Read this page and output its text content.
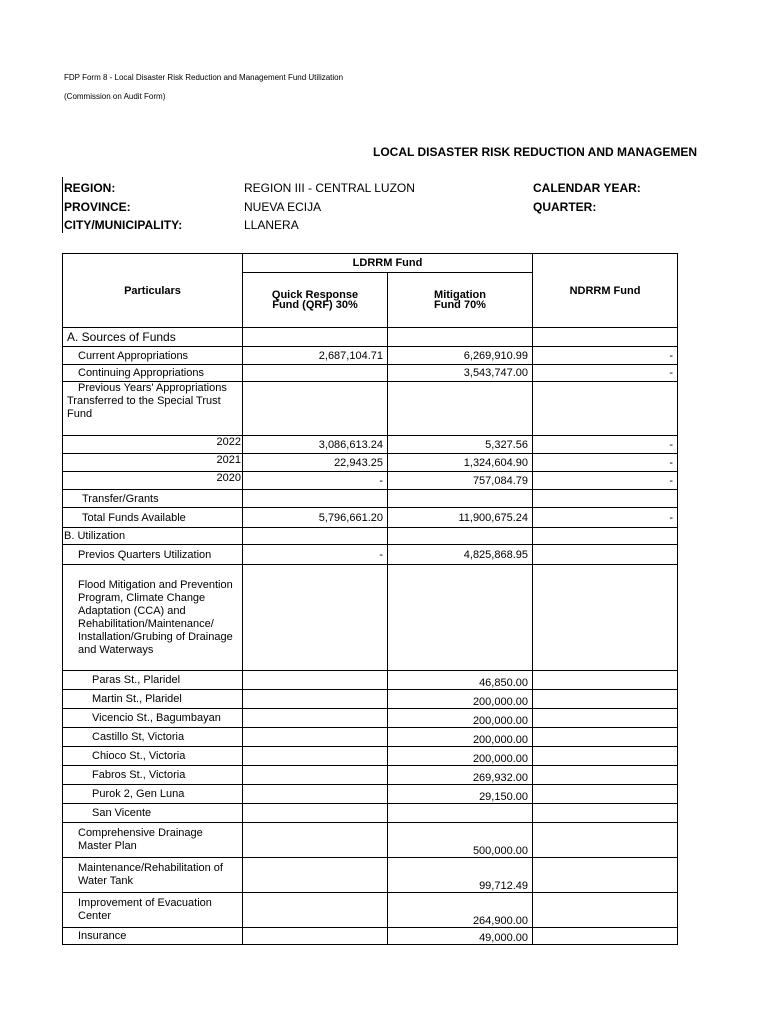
FDP Form 8 - Local Disaster Risk Reduction and Management Fund Utilization
(Commission on Audit Form)
LOCAL DISASTER RISK REDUCTION AND MANAGEMEN
REGION:	REGION III - CENTRAL LUZON	CALENDAR YEAR:
PROVINCE:	NUEVA ECIJA	QUARTER:
CITY/MUNICIPALITY:	LLANERA
Particulars	LDRRM Fund		NDRRM Fund
	Quick Response Fund (QRF) 30%	Mitigation Fund 70%	
A. Sources of Funds			
Current Appropriations	2,687,104.71	6,269,910.99	-
Continuing Appropriations		3,543,747.00	-
Previous Years' Appropriations Transferred to the Special Trust Fund			
2022	3,086,613.24	5,327.56	-
2021	22,943.25	1,324,604.90	-
2020	-	757,084.79	-
Transfer/Grants			
Total Funds Available	5,796,661.20	11,900,675.24	-
B. Utilization			
Previos Quarters Utilization	-	4,825,868.95	
Flood Mitigation and Prevention Program, Climate Change Adaptation (CCA) and Rehabilitation/Maintenance/ Installation/Grubing of Drainage and Waterways			
Paras St., Plaridel		46,850.00	
Martin St., Plaridel		200,000.00	
Vicencio St., Bagumbayan		200,000.00	
Castillo St, Victoria		200,000.00	
Chioco St., Victoria		200,000.00	
Fabros St., Victoria		269,932.00	
Purok 2, Gen Luna		29,150.00	
San Vicente			
Comprehensive Drainage Master Plan		500,000.00	
Maintenance/Rehabilitation of Water Tank		99,712.49	
Improvement of Evacuation Center		264,900.00	
Insurance		49,000.00	
